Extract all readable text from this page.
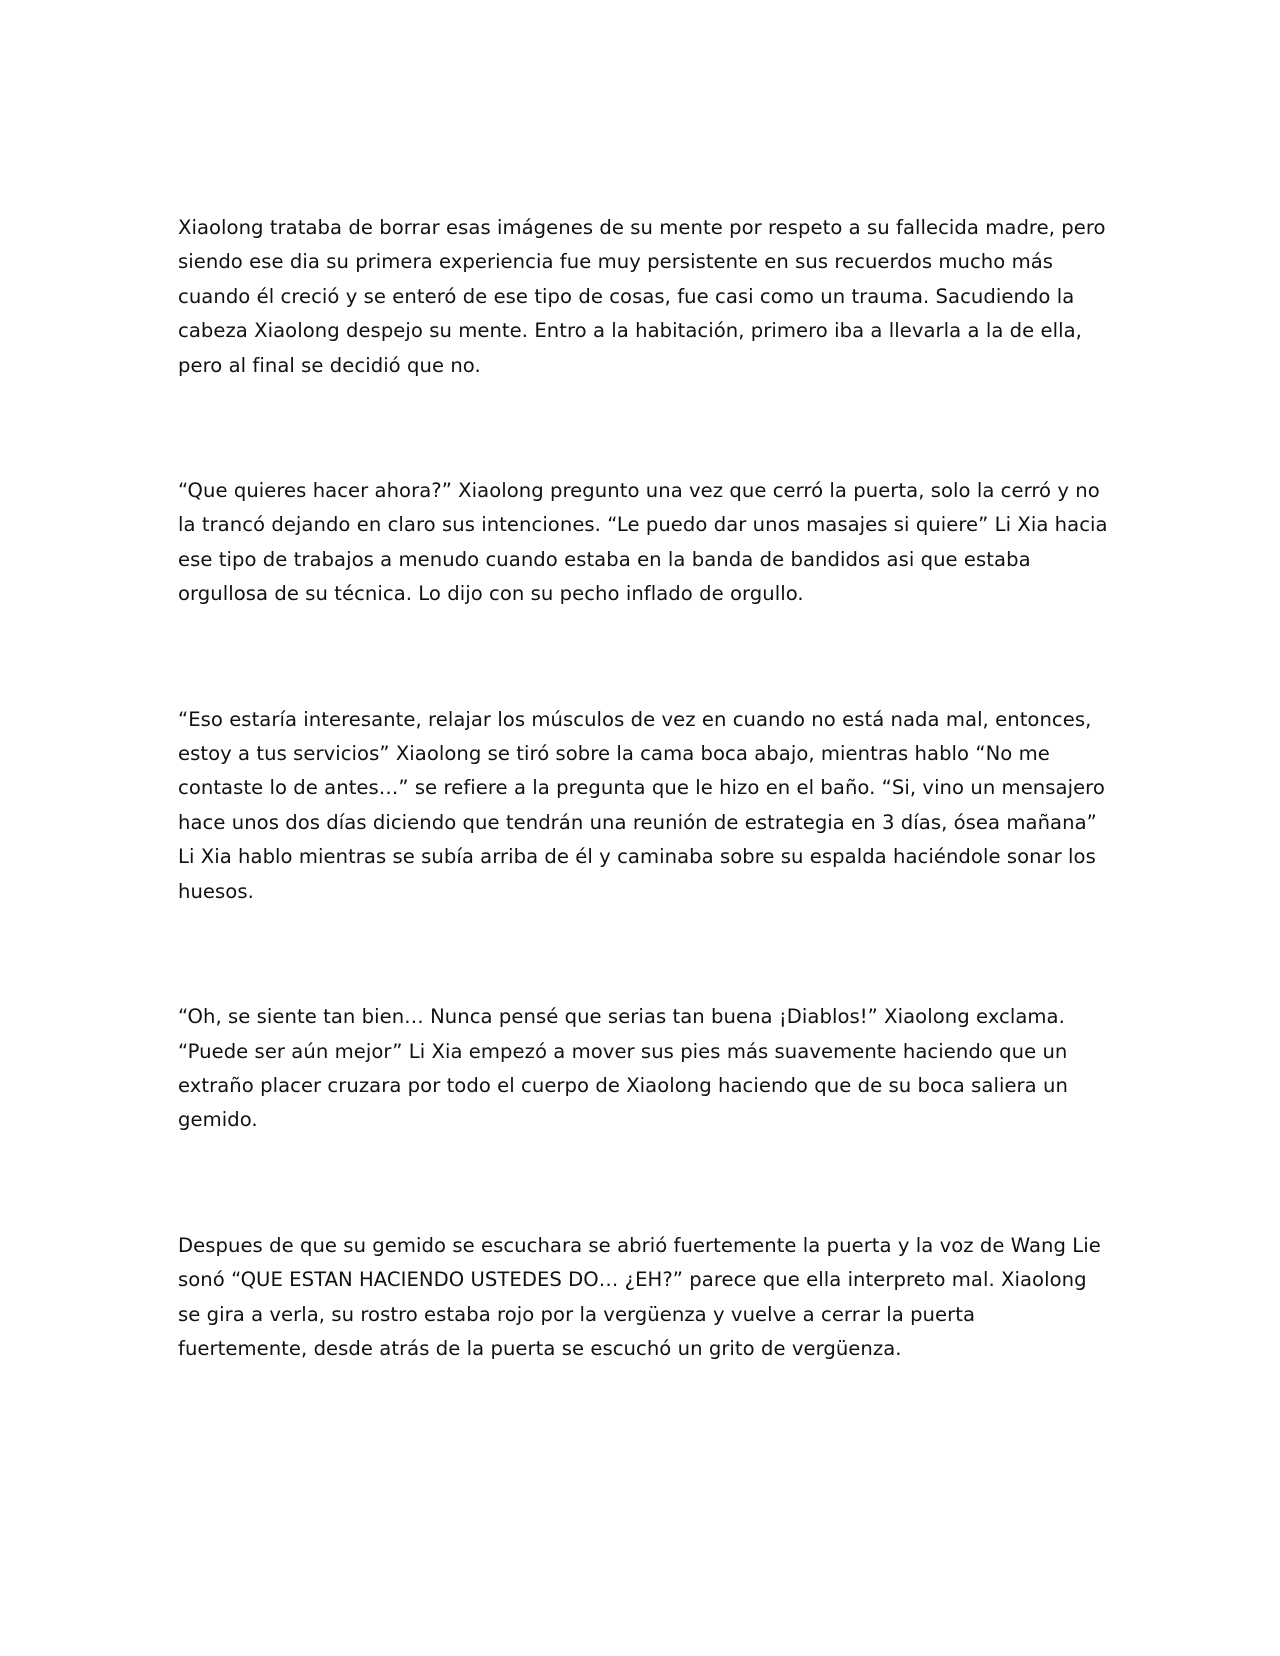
Xiaolong trataba de borrar esas imágenes de su mente por respeto a su fallecida madre, pero siendo ese dia su primera experiencia fue muy persistente en sus recuerdos mucho más cuando él creció y se enteró de ese tipo de cosas, fue casi como un trauma. Sacudiendo la cabeza Xiaolong despejo su mente. Entro a la habitación, primero iba a llevarla a la de ella, pero al final se decidió que no.

“Que quieres hacer ahora?” Xiaolong pregunto una vez que cerró la puerta, solo la cerró y no la trancó dejando en claro sus intenciones. “Le puedo dar unos masajes si quiere” Li Xia hacia ese tipo de trabajos a menudo cuando estaba en la banda de bandidos asi que estaba orgullosa de su técnica. Lo dijo con su pecho inflado de orgullo.

“Eso estaría interesante, relajar los músculos de vez en cuando no está nada mal, entonces, estoy a tus servicios” Xiaolong se tiró sobre la cama boca abajo, mientras hablo “No me contaste lo de antes…” se refiere a la pregunta que le hizo en el baño. “Si, vino un mensajero hace unos dos días diciendo que tendrán una reunión de estrategia en 3 días, ósea mañana” Li Xia hablo mientras se subía arriba de él y caminaba sobre su espalda haciéndole sonar los huesos.

“Oh, se siente tan bien… Nunca pensé que serias tan buena ¡Diablos!” Xiaolong exclama. “Puede ser aún mejor” Li Xia empezó a mover sus pies más suavemente haciendo que un extraño placer cruzara por todo el cuerpo de Xiaolong haciendo que de su boca saliera un gemido.

Despues de que su gemido se escuchara se abrió fuertemente la puerta y la voz de Wang Lie sonó “QUE ESTAN HACIENDO USTEDES DO… ¿EH?” parece que ella interpreto mal. Xiaolong se gira a verla, su rostro estaba rojo por la vergüenza y vuelve a cerrar la puerta fuertemente, desde atrás de la puerta se escuchó un grito de vergüenza.
